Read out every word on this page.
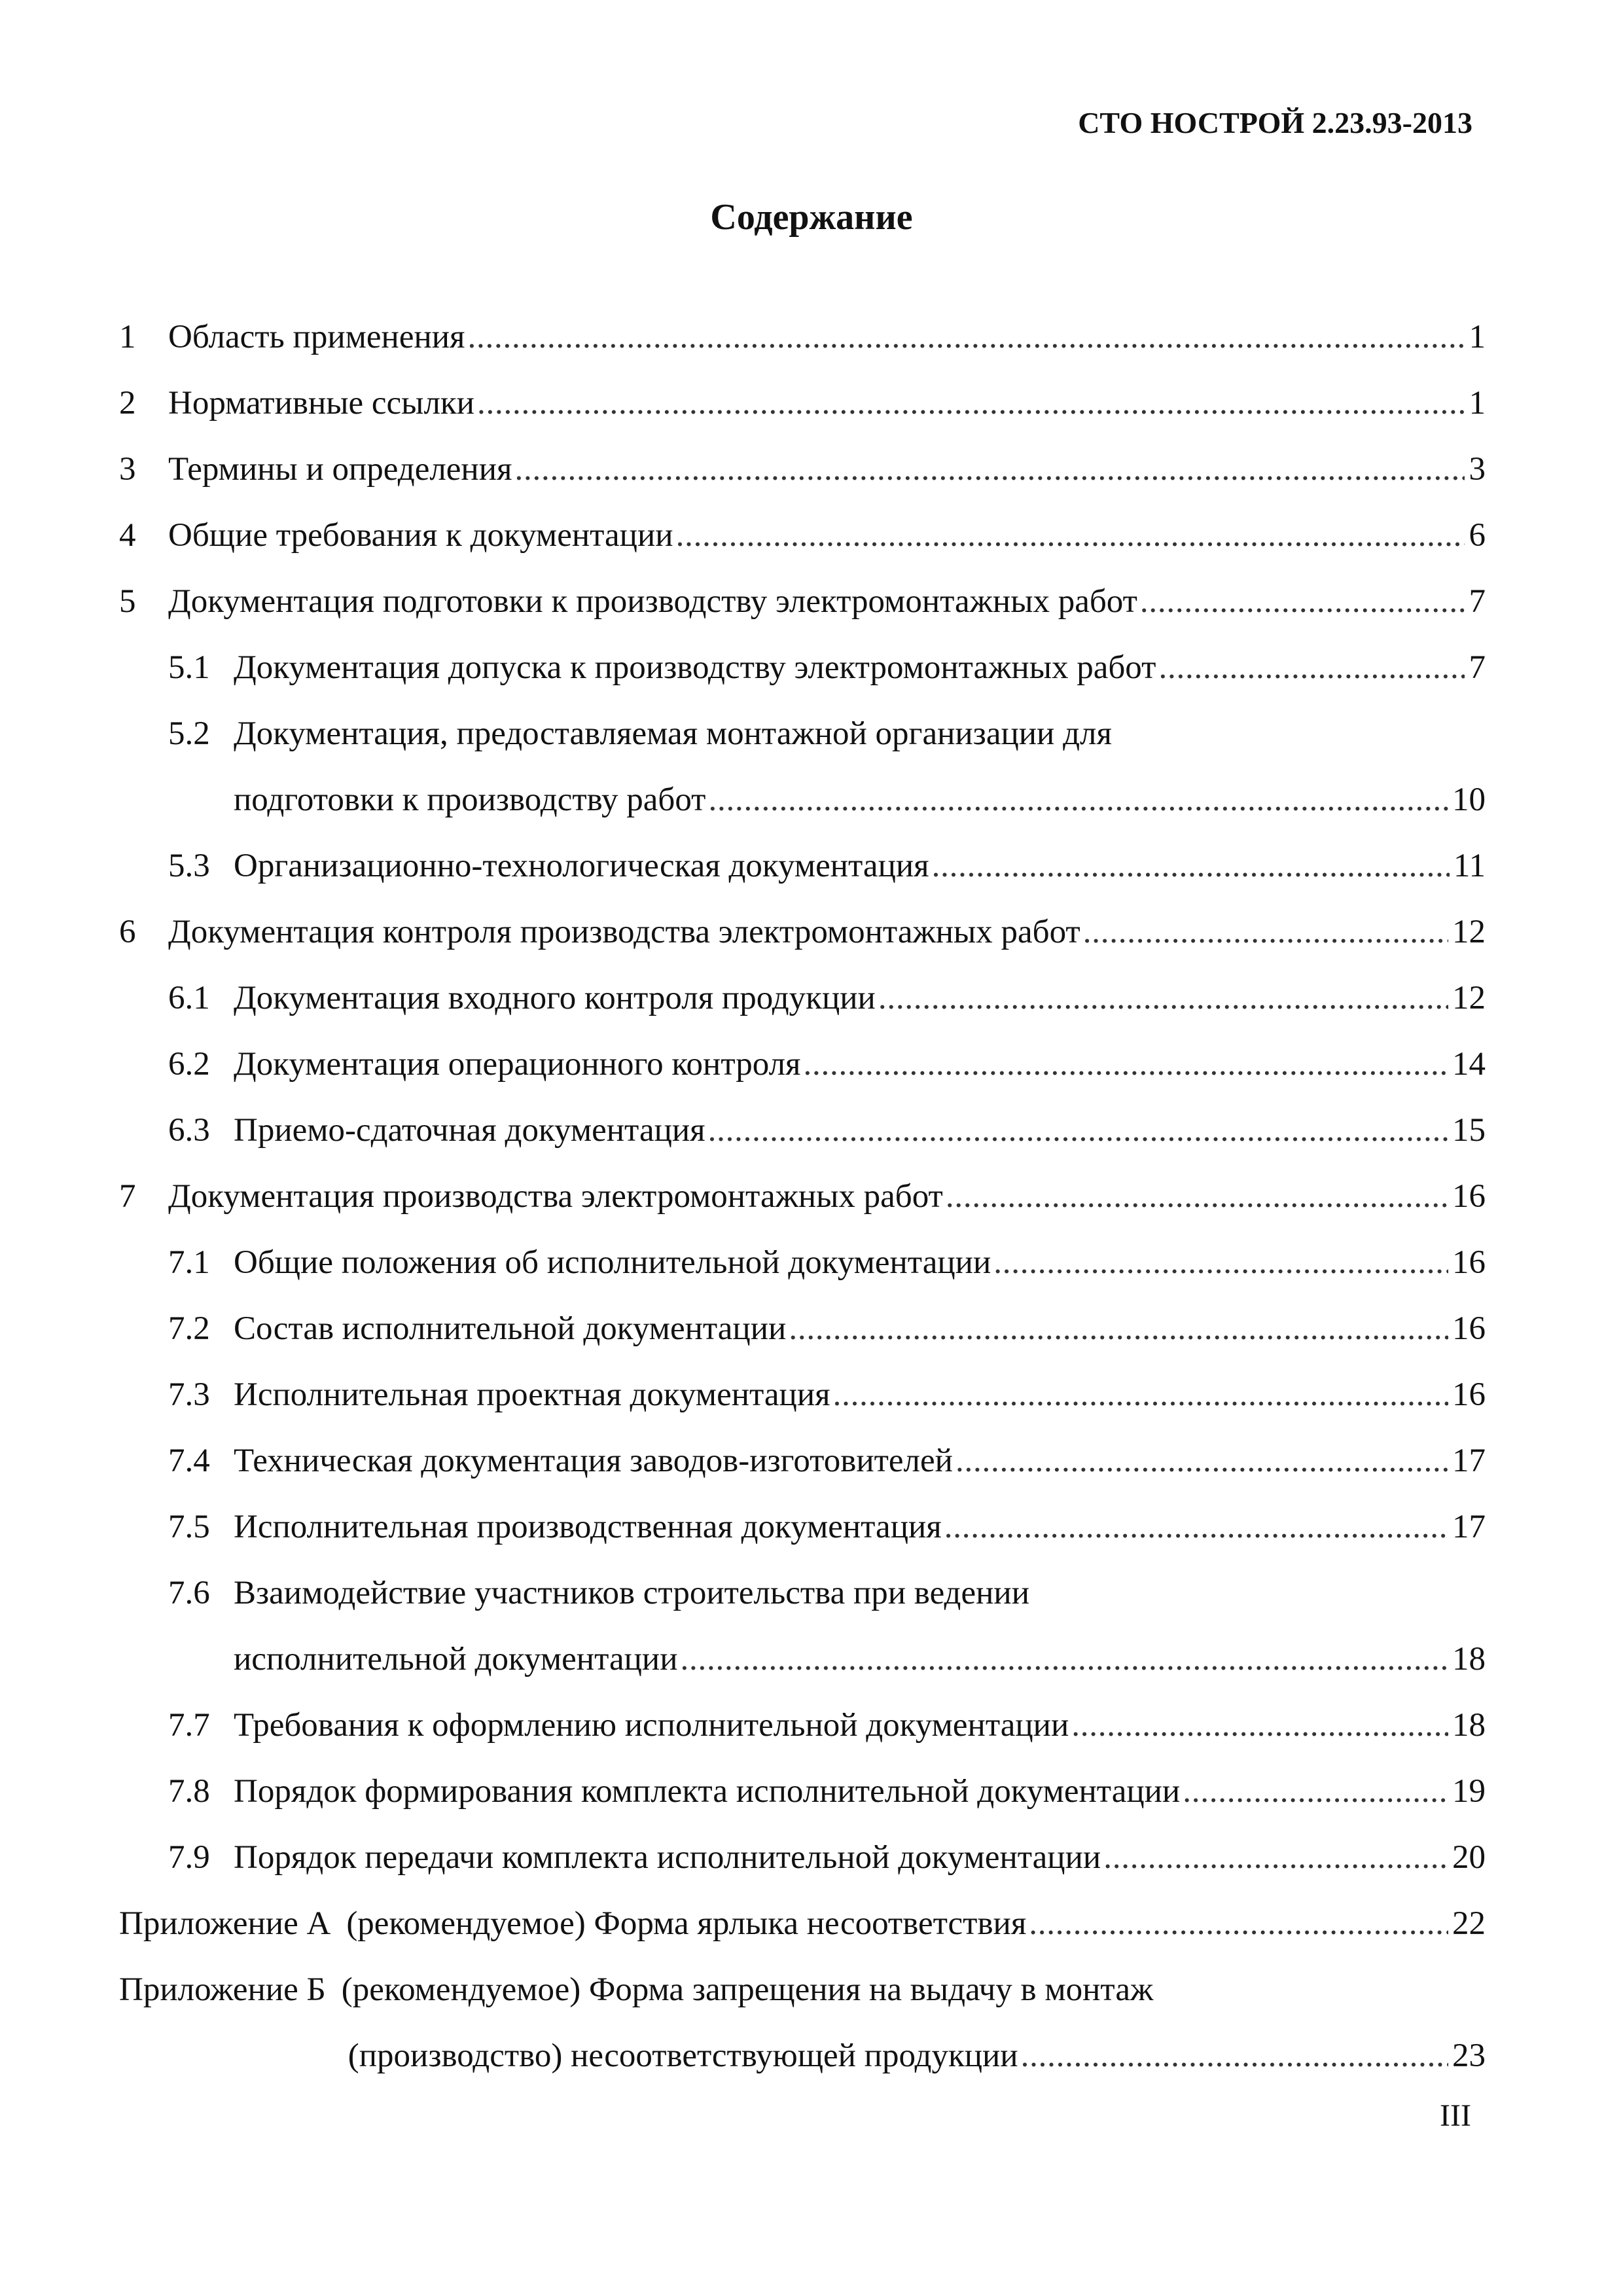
СТО НОСТРОЙ 2.23.93-2013
Содержание
1 Область применения . . .	1
2 Нормативные ссылки . . .	1
3 Термины и определения . . .	3
4 Общие требования к документации . . .	6
5 Документация подготовки к производству электромонтажных работ . . .	7
5.1 Документация допуска к производству электромонтажных работ . . .	7
5.2 Документация, предоставляемая монтажной организации для
подготовки к производству работ . . .	10
5.3 Организационно-технологическая документация . . .	11
6 Документация контроля производства электромонтажных работ . . .	12
6.1 Документация входного контроля продукции . . .	12
6.2 Документация операционного контроля . . .	14
6.3 Приемо-сдаточная документация . . .	15
7 Документация производства электромонтажных работ . . .	16
7.1 Общие положения об исполнительной документации . . .	16
7.2 Состав исполнительной документации . . .	16
7.3 Исполнительная проектная документация . . .	16
7.4 Техническая документация заводов-изготовителей . . .	17
7.5 Исполнительная производственная документация . . .	17
7.6 Взаимодействие участников строительства при ведении
исполнительной документации . . .	18
7.7 Требования к оформлению исполнительной документации . . .	18
7.8 Порядок формирования комплекта исполнительной документации . . .	19
7.9 Порядок передачи комплекта исполнительной документации . . .	20
Приложение А (рекомендуемое) Форма ярлыка несоответствия . . .	22
Приложение Б (рекомендуемое) Форма запрещения на выдачу в монтаж
(производство) несоответствующей продукции . . .	23
III
